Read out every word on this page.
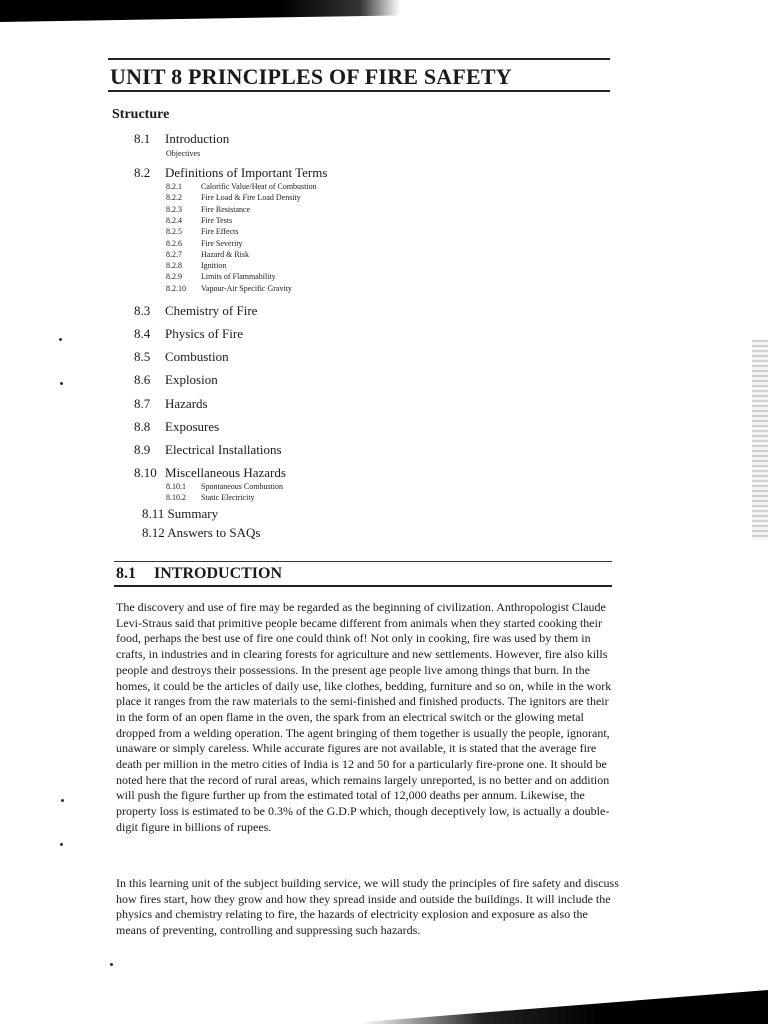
UNIT 8 PRINCIPLES OF FIRE SAFETY
Structure
8.1 Introduction
Objectives
8.2 Definitions of Important Terms
8.2.1 Calorific Value/Heat of Combustion
8.2.2 Fire Load & Fire Load Density
8.2.3 Fire Resistance
8.2.4 Fire Tests
8.2.5 Fire Effects
8.2.6 Fire Severity
8.2.7 Hazard & Risk
8.2.8 Ignition
8.2.9 Limits of Flammability
8.2.10 Vapour-Air Specific Gravity
8.3 Chemistry of Fire
8.4 Physics of Fire
8.5 Combustion
8.6 Explosion
8.7 Hazards
8.8 Exposures
8.9 Electrical Installations
8.10 Miscellaneous Hazards
8.10.1 Spontaneous Combustion
8.10.2 Static Electricity
8.11 Summary
8.12 Answers to SAQs
8.1 INTRODUCTION

The discovery and use of fire may be regarded as the beginning of civilization. Anthropologist Claude Levi-Straus said that primitive people became different from animals when they started cooking their food, perhaps the best use of fire one could think of! Not only in cooking, fire was used by them in crafts, in industries and in clearing forests for agriculture and new settlements. However, fire also kills people and destroys their possessions. In the present age people live among things that burn. In the homes, it could be the articles of daily use, like clothes, bedding, furniture and so on, while in the work place it ranges from the raw materials to the semi-finished and finished products. The ignitors are their in the form of an open flame in the oven, the spark from an electrical switch or the glowing metal dropped from a welding operation. The agent bringing of them together is usually the people, ignorant, unaware or simply careless. While accurate figures are not available, it is stated that the average fire death per million in the metro cities of India is 12 and 50 for a particularly fire-prone one. It should be noted here that the record of rural areas, which remains largely unreported, is no better and on addition will push the figure further up from the estimated total of 12,000 deaths per annum. Likewise, the property loss is estimated to be 0.3% of the G.D.P which, though deceptively low, is actually a double-digit figure in billions of rupees.

In this learning unit of the subject building service, we will study the principles of fire safety and discuss how fires start, how they grow and how they spread inside and outside the buildings. It will include the physics and chemistry relating to fire, the hazards of electricity explosion and exposure as also the means of preventing, controlling and suppressing such hazards.
